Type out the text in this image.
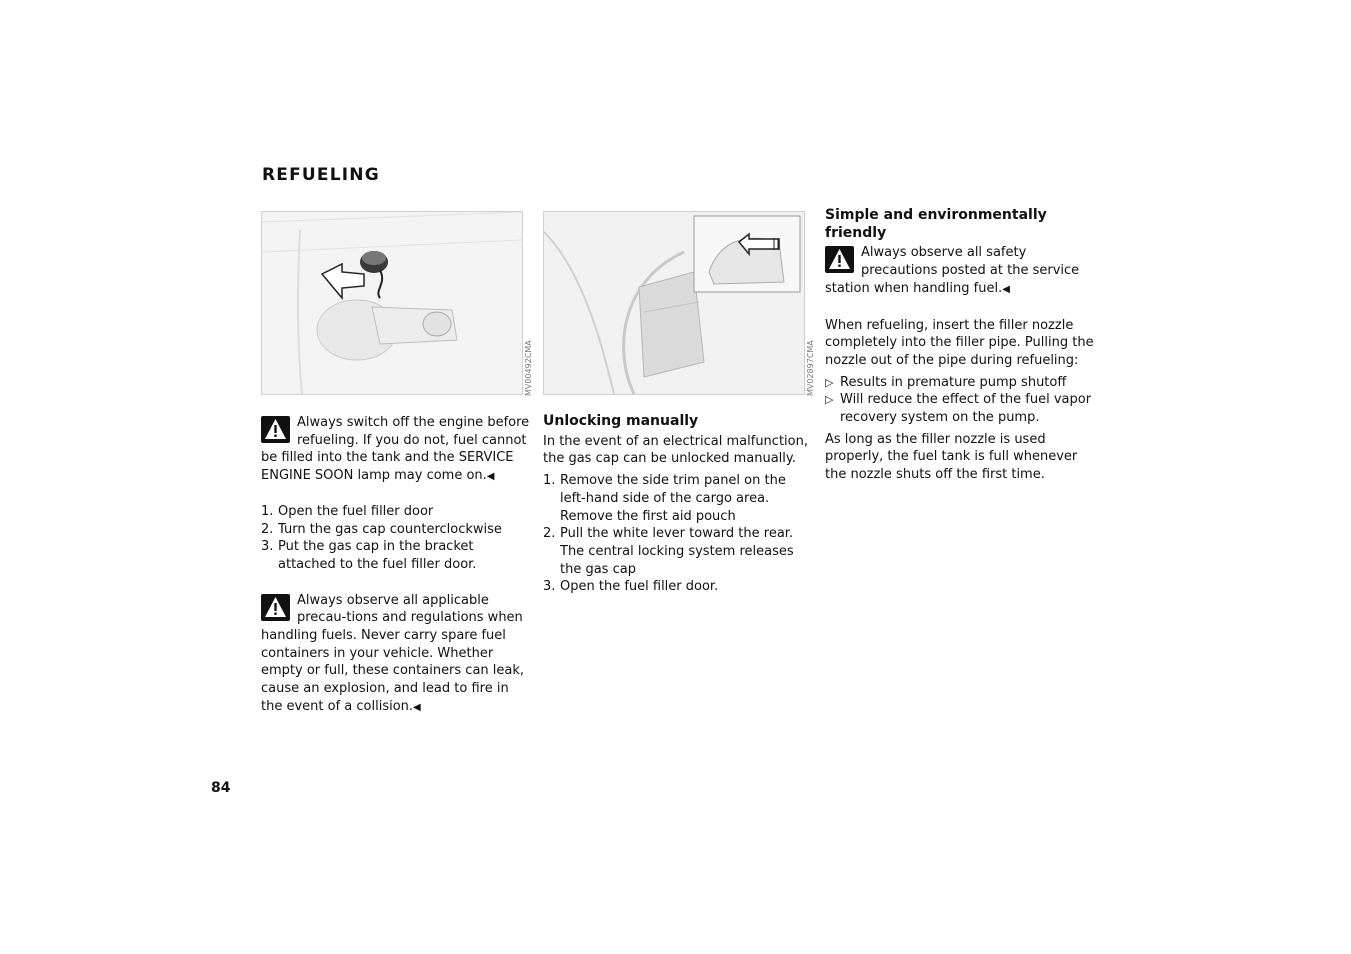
REFUELING
MV00492CMA	MV02897CMA

Always switch off the engine before refueling. If you do not, fuel cannot be filled into the tank and the SERVICE ENGINE SOON lamp may come on.◀

1. Open the fuel filler door
2. Turn the gas cap counterclockwise
3. Put the gas cap in the bracket attached to the fuel filler door.

Always observe all applicable precau-tions and regulations when handling fuels. Never carry spare fuel containers in your vehicle. Whether empty or full, these containers can leak, cause an explosion, and lead to fire in the event of a collision.◀

Unlocking manually

In the event of an electrical malfunction, the gas cap can be unlocked manually.

1. Remove the side trim panel on the left-hand side of the cargo area.
Remove the first aid pouch
2. Pull the white lever toward the rear.
The central locking system releases the gas cap
3. Open the fuel filler door.

Simple and environmentally friendly

Always observe all safety precautions posted at the service station when handling fuel.◀

When refueling, insert the filler nozzle completely into the filler pipe. Pulling the nozzle out of the pipe during refueling:

▷ Results in premature pump shutoff
▷ Will reduce the effect of the fuel vapor recovery system on the pump.

As long as the filler nozzle is used properly, the fuel tank is full whenever the nozzle shuts off the first time.

84
